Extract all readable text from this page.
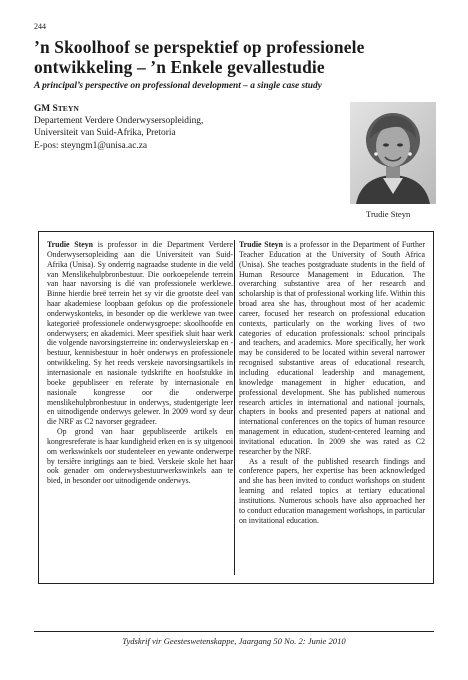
244
’n Skoolhoof se perspektief op professionele ontwikkeling – ’n Enkele gevallestudie
A principal’s perspective on professional development – a single case study
GM STEYN
Departement Verdere Onderwysersopleiding,
Universiteit van Suid-Afrika, Pretoria
E-pos: steyngm1@unisa.ac.za
Trudie Steyn

Trudie Steyn is professor in die Department Verdere Onderwysersopleiding aan die Universiteit van Suid-Afrika (Unisa). Sy onderrig nagraadse studente in die veld van Menslikehulpbronbestuur. Die oorkoepelende terrein van haar navorsing is dié van professionele werklewe. Binne hierdie breë terrein het sy vir die grootste deel van haar akademiese loopbaan gefokus op die professionele onderwyskonteks, in besonder op die werklewe van twee kategorieë professionele onderwysgroepe: skoolhoofde en onderwysers; en akademici. Meer spesifiek sluit haar werk die volgende navorsingsterreine in: onderwysleierskap en -bestuur, kennisbestuur in hoër onderwys en professionele ontwikkeling. Sy het reeds verskeie navorsingsartikels in internasionale en nasionale tydskrifte en hoofstukke in boeke gepubliseer en referate by internasionale en nasionale kongresse oor die onderwerpe menslikehulpbronbestuur in onderwys, studentgerigte leer en uitnodigende onderwys gelewer. In 2009 word sy deur die NRF as C2 navorser gegradeer.

Op grond van haar gepubliseerde artikels en kongresreferate is haar kundigheid erken en is sy uitgenooi om werkswinkels oor studenteleer en yewante onderwerpe by tersiêre inrigtings aan te bied. Verskeie skole het haar ook genader om onderwysbestuurwerkswinkels aan te bied, in besonder oor uitnodigende onderwys.

Trudie Steyn is a professor in the Department of Further Teacher Education at the University of South Africa (Unisa). She teaches postgraduate students in the field of Human Resource Management in Education. The overarching substantive area of her research and scholarship is that of professional working life. Within this broad area she has, throughout most of her academic career, focused her research on professional education contexts, particularly on the working lives of two categories of education professionals: school principals and teachers, and academics. More specifically, her work may be considered to be located within several narrower recognised substantive areas of educational research, including educational leadership and management, knowledge management in higher education, and professional development. She has published numerous research articles in international and national journals, chapters in books and presented papers at national and international conferences on the topics of human resource management in education, student-centered learning and invitational education. In 2009 she was rated as C2 researcher by the NRF.

As a result of the published research findings and conference papers, her expertise has been acknowledged and she has been invited to conduct workshops on student learning and related topics at tertiary educational institutions. Numerous schools have also approached her to conduct education management workshops, in particular on invitational education.

Tydskrif vir Geesteswetenskappe, Jaargang 50 No. 2: Junie 2010
